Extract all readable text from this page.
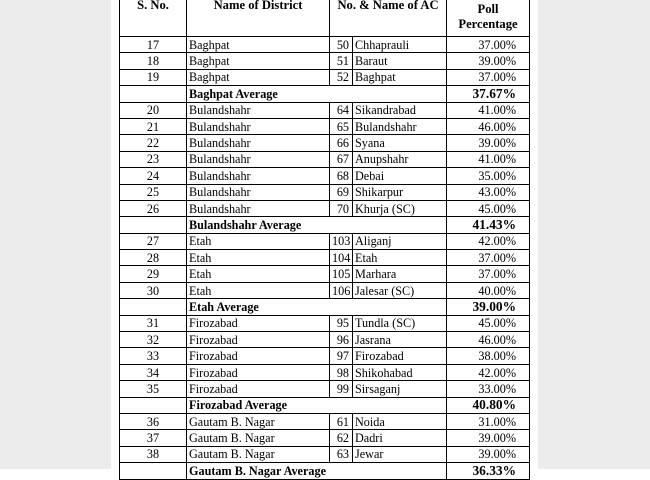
S. No.	Name of District	No. & Name of AC		Poll
Percentage
17	Baghpat	50	Chhaprauli	37.00%
18	Baghpat	51	Baraut	39.00%
19	Baghpat	52	Baghpat	37.00%
	Baghpat Average			37.67%
20	Bulandshahr	64	Sikandrabad	41.00%
21	Bulandshahr	65	Bulandshahr	46.00%
22	Bulandshahr	66	Syana	39.00%
23	Bulandshahr	67	Anupshahr	41.00%
24	Bulandshahr	68	Debai	35.00%
25	Bulandshahr	69	Shikarpur	43.00%
26	Bulandshahr	70	Khurja (SC)	45.00%
	Bulandshahr Average			41.43%
27	Etah	103	Aliganj	42.00%
28	Etah	104	Etah	37.00%
29	Etah	105	Marhara	37.00%
30	Etah	106	Jalesar (SC)	40.00%
	Etah Average			39.00%
31	Firozabad	95	Tundla (SC)	45.00%
32	Firozabad	96	Jasrana	46.00%
33	Firozabad	97	Firozabad	38.00%
34	Firozabad	98	Shikohabad	42.00%
35	Firozabad	99	Sirsaganj	33.00%
	Firozabad Average			40.80%
36	Gautam B. Nagar	61	Noida	31.00%
37	Gautam B. Nagar	62	Dadri	39.00%
38	Gautam B. Nagar	63	Jewar	39.00%
	Gautam B. Nagar Average			36.33%
